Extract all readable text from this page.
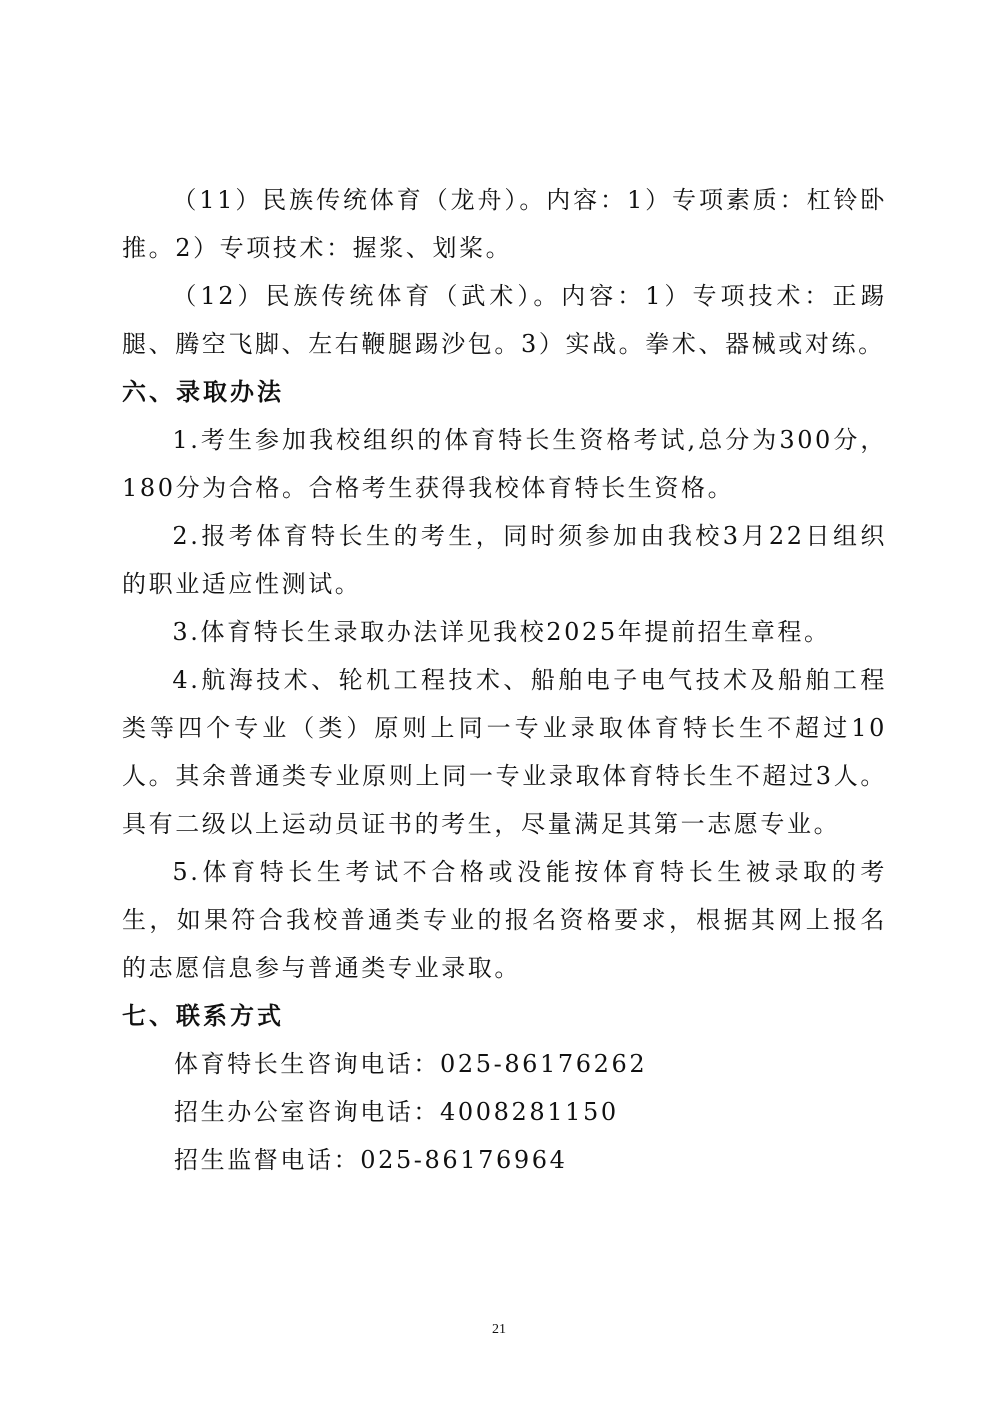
（11）民族传统体育（龙舟）。内容：1）专项素质：杠铃卧推。2）专项技术：握浆、划桨。

（12）民族传统体育（武术）。内容：1）专项技术：正踢腿、腾空飞脚、左右鞭腿踢沙包。3）实战。拳术、器械或对练。

六、录取办法

1.考生参加我校组织的体育特长生资格考试,总分为300分，180分为合格。合格考生获得我校体育特长生资格。

2.报考体育特长生的考生，同时须参加由我校3月22日组织的职业适应性测试。

3.体育特长生录取办法详见我校2025年提前招生章程。

4.航海技术、轮机工程技术、船舶电子电气技术及船舶工程类等四个专业（类）原则上同一专业录取体育特长生不超过10人。其余普通类专业原则上同一专业录取体育特长生不超过3人。具有二级以上运动员证书的考生，尽量满足其第一志愿专业。

5.体育特长生考试不合格或没能按体育特长生被录取的考生，如果符合我校普通类专业的报名资格要求，根据其网上报名的志愿信息参与普通类专业录取。

七、联系方式

体育特长生咨询电话：025-86176262

招生办公室咨询电话：4008281150

招生监督电话：025-86176964

21
